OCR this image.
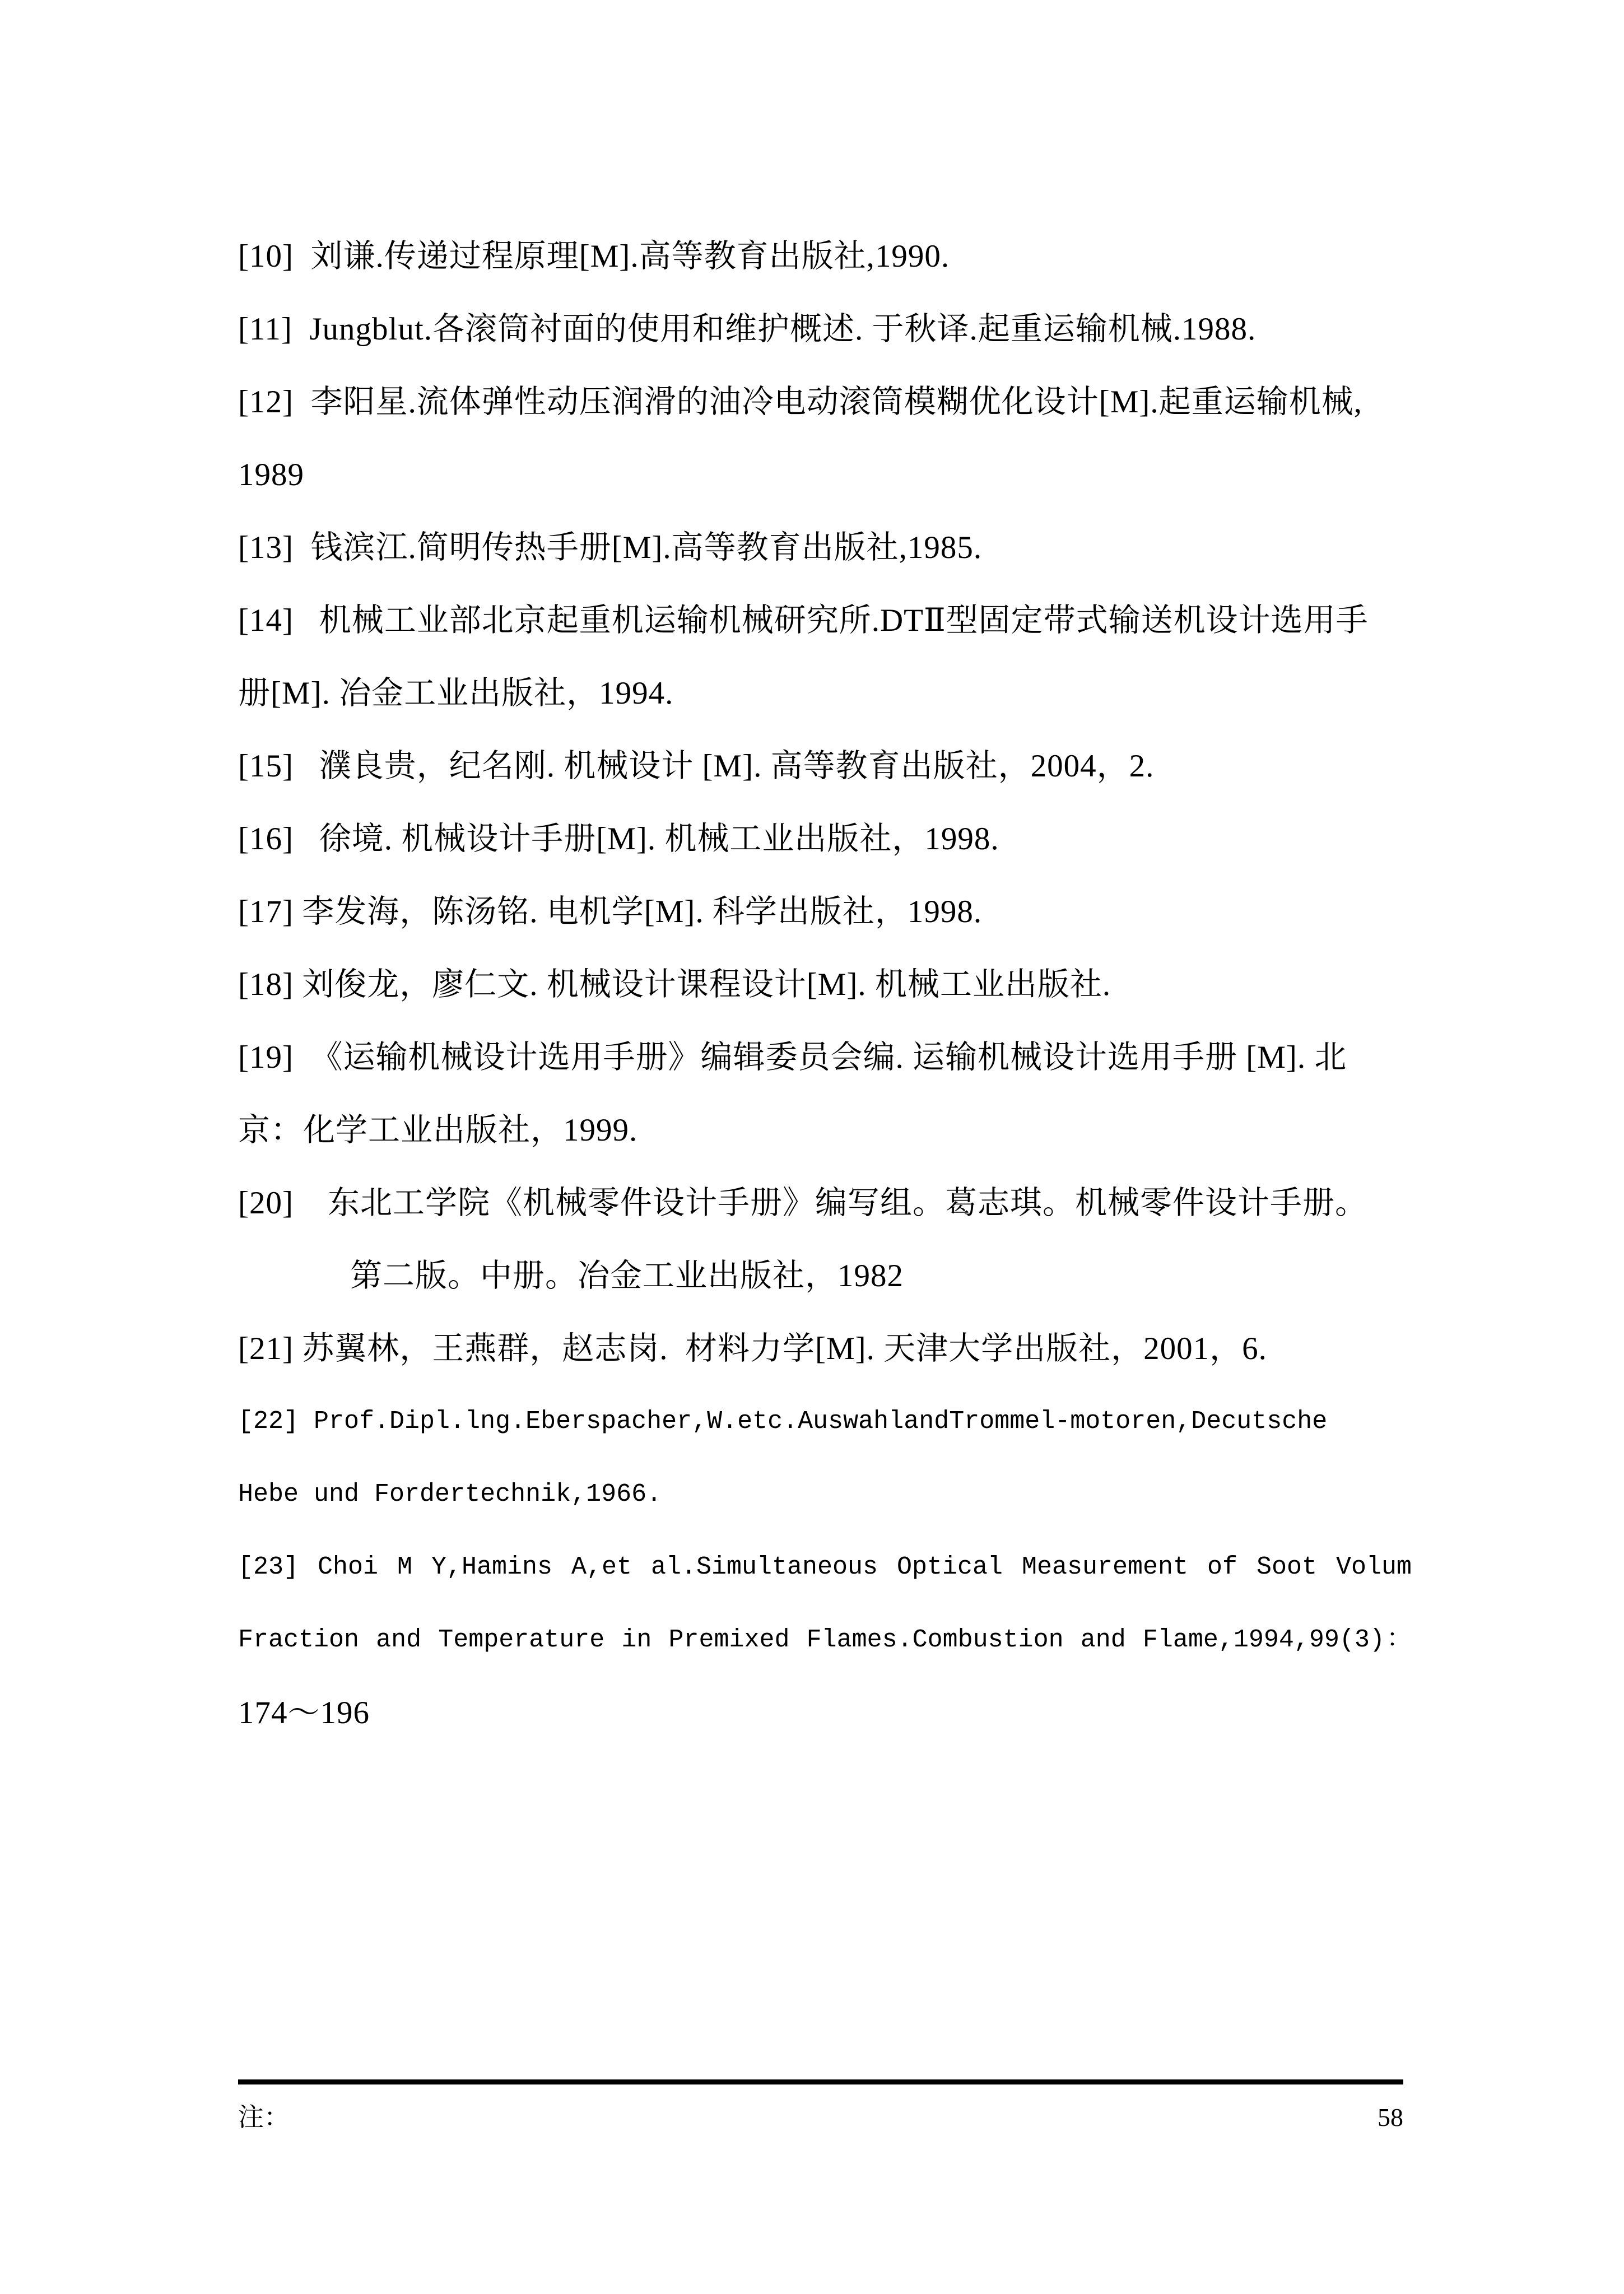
[10]  刘谦.传递过程原理[M].高等教育出版社,1990.

[11]  Jungblut.各滚筒衬面的使用和维护概述. 于秋译.起重运输机械.1988.

[12]  李阳星.流体弹性动压润滑的油冷电动滚筒模糊优化设计[M].起重运输机械,

1989

[13]  钱滨江.简明传热手册[M].高等教育出版社,1985.

[14]   机械工业部北京起重机运输机械研究所.DTⅡ型固定带式输送机设计选用手

册[M]. 冶金工业出版社，1994.

[15]   濮良贵，纪名刚. 机械设计 [M]. 高等教育出版社，2004，2.

[16]   徐境. 机械设计手册[M]. 机械工业出版社，1998.

[17] 李发海，陈汤铭. 电机学[M]. 科学出版社，1998.

[18] 刘俊龙，廖仁文. 机械设计课程设计[M]. 机械工业出版社.

[19]  《运输机械设计选用手册》编辑委员会编. 运输机械设计选用手册 [M]. 北

京：化学工业出版社，1999.

[20]    东北工学院《机械零件设计手册》编写组。葛志琪。机械零件设计手册。

第二版。中册。冶金工业出版社，1982

[21] 苏翼林，王燕群，赵志岗.  材料力学[M]. 天津大学出版社，2001，6.

[22] Prof.Dipl.lng.Eberspacher,W.etc.AuswahlandTrommel-motoren,Decutsche

Hebe und Fordertechnik,1966.

[23] Choi M Y,Hamins A,et al.Simultaneous Optical Measurement of Soot Volum

Fraction and Temperature in Premixed Flames.Combustion and Flame,1994,99(3)：

174～196

注：	58
